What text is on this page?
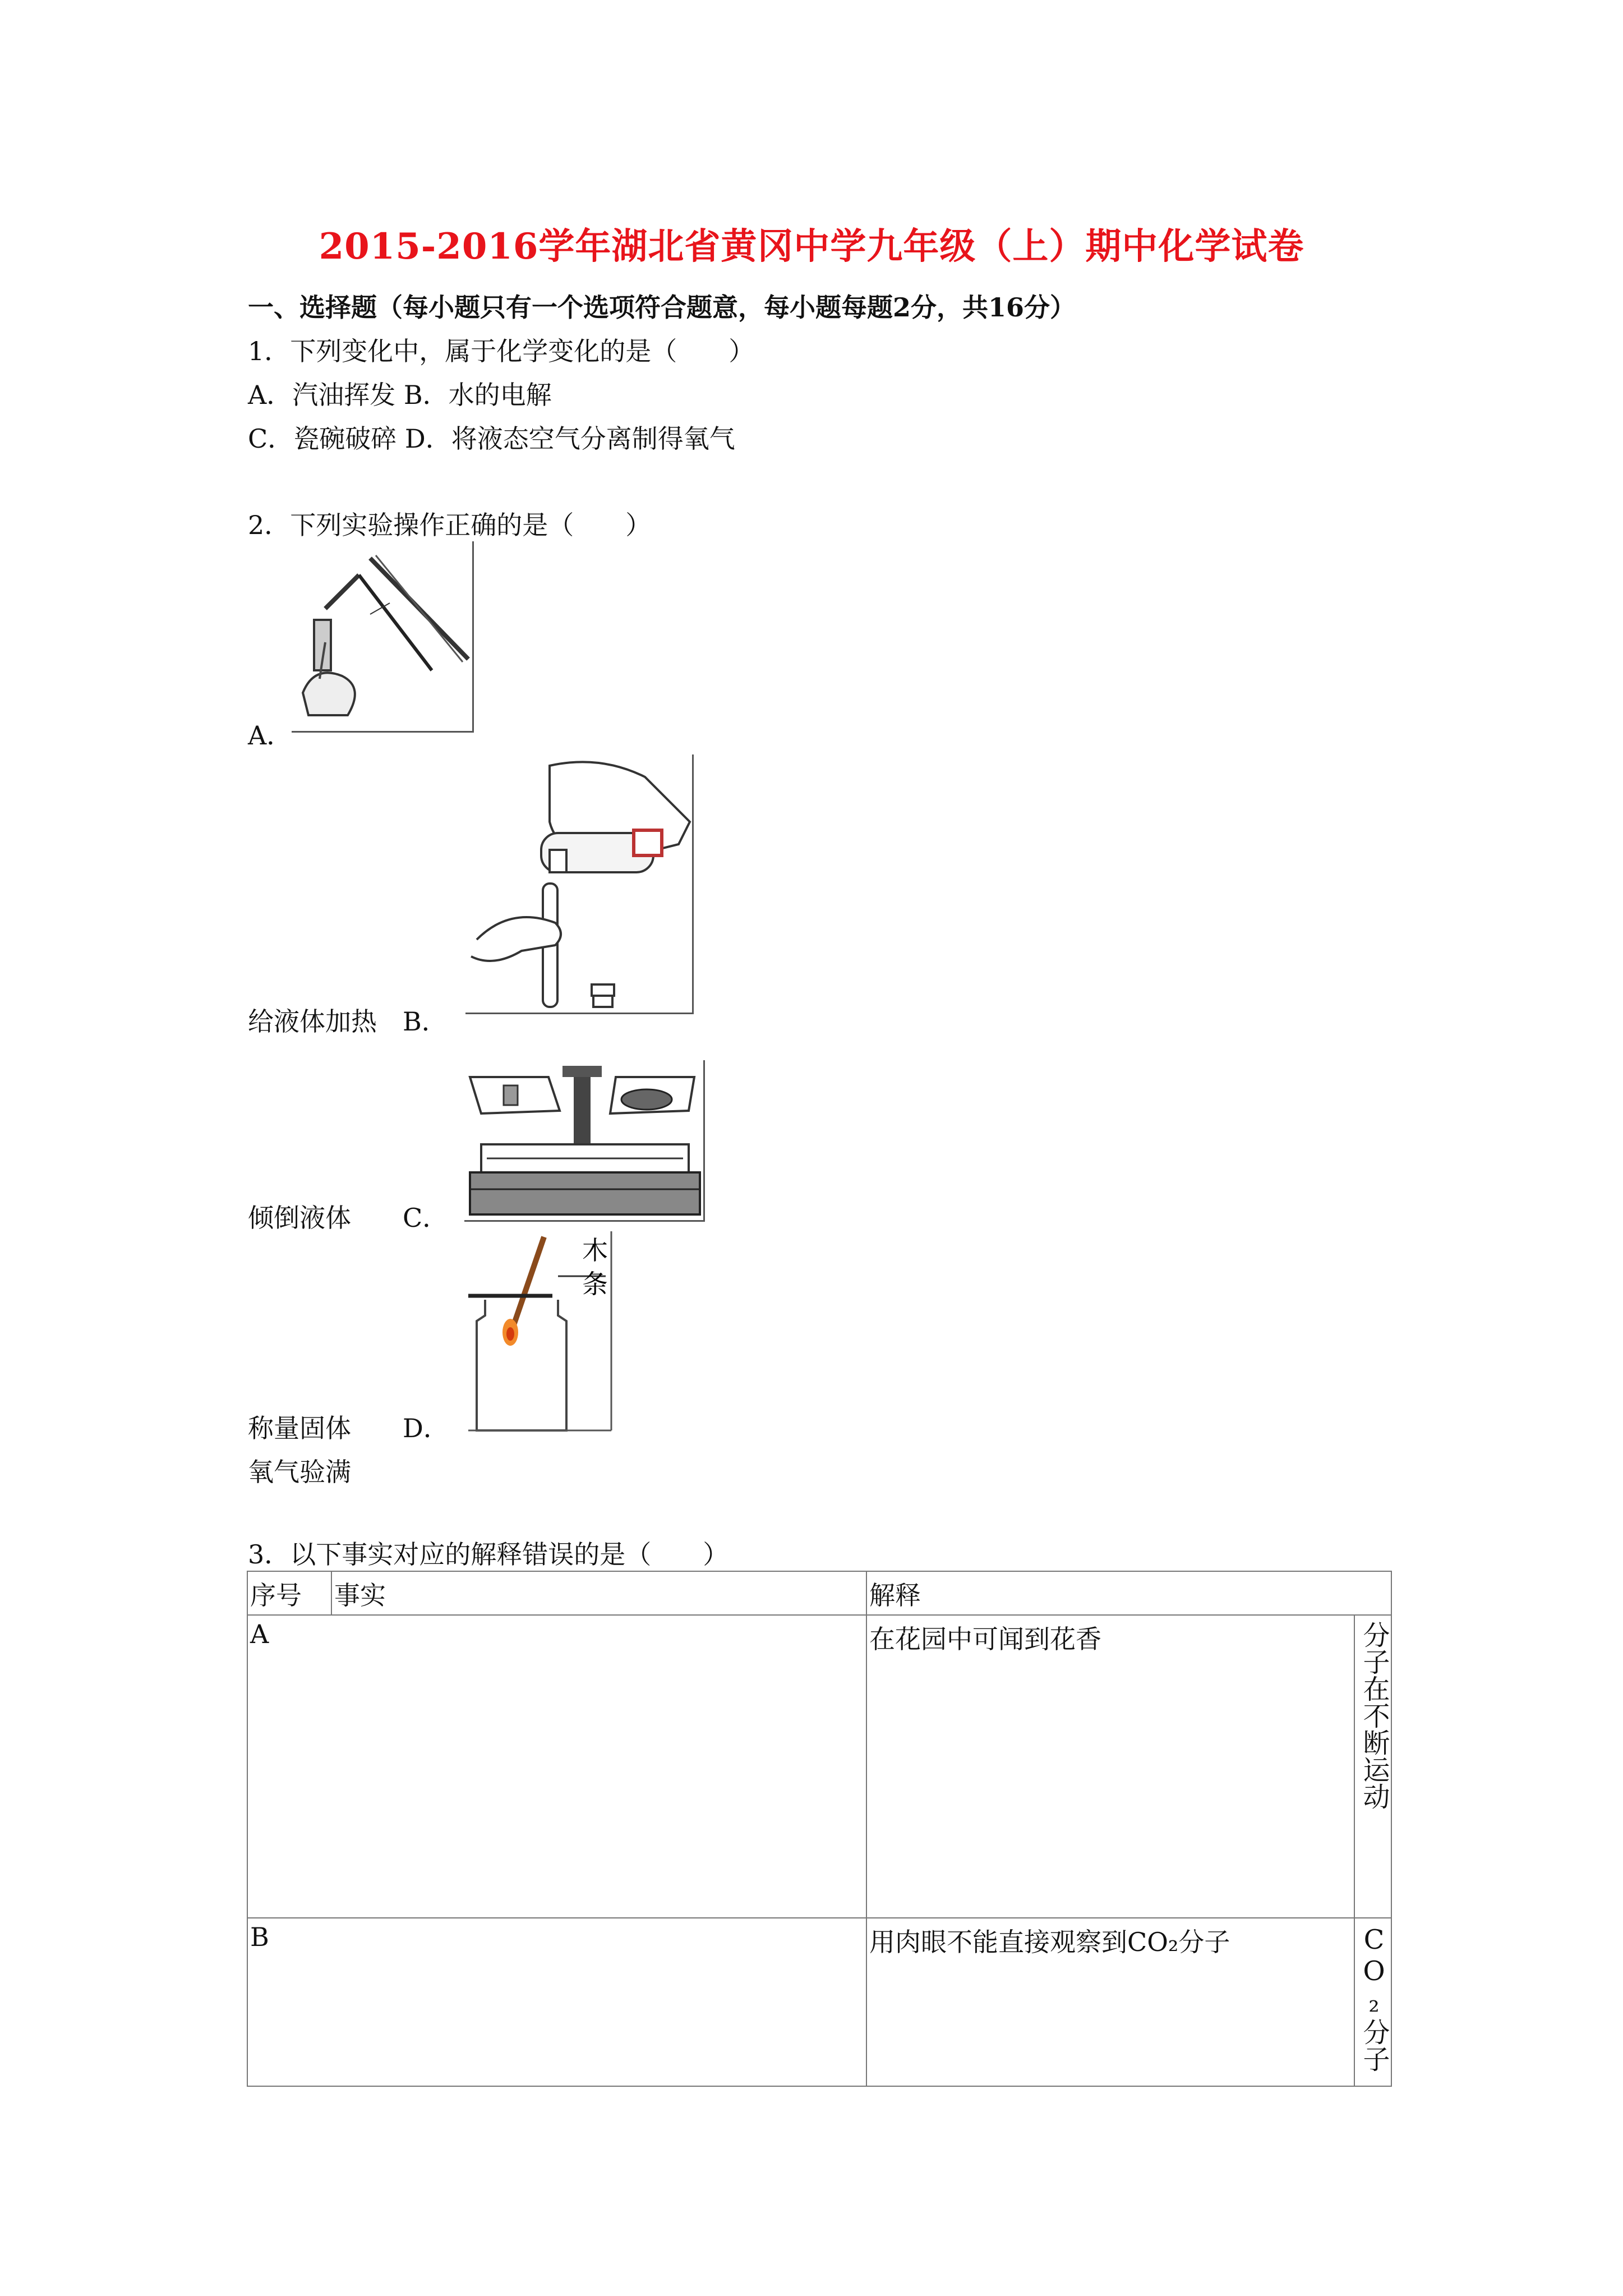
2015-2016学年湖北省黄冈中学九年级（上）期中化学试卷
一、选择题（每小题只有一个选项符合题意，每小题每题2分，共16分）
1．下列变化中，属于化学变化的是（　　）
A．汽油挥发 B．水的电解
C．瓷碗破碎 D．将液态空气分离制得氧气
2．下列实验操作正确的是（　　）
A．
给液体加热　B．
倾倒液体　　C．
木
条
称量固体　　D．
氧气验满
3．以下事实对应的解释错误的是（　　）
序号	事实	解释	
A		在花园中可闻到花香	分子在不断运动

B		用肉眼不能直接观察到CO₂分子	CO₂分子
